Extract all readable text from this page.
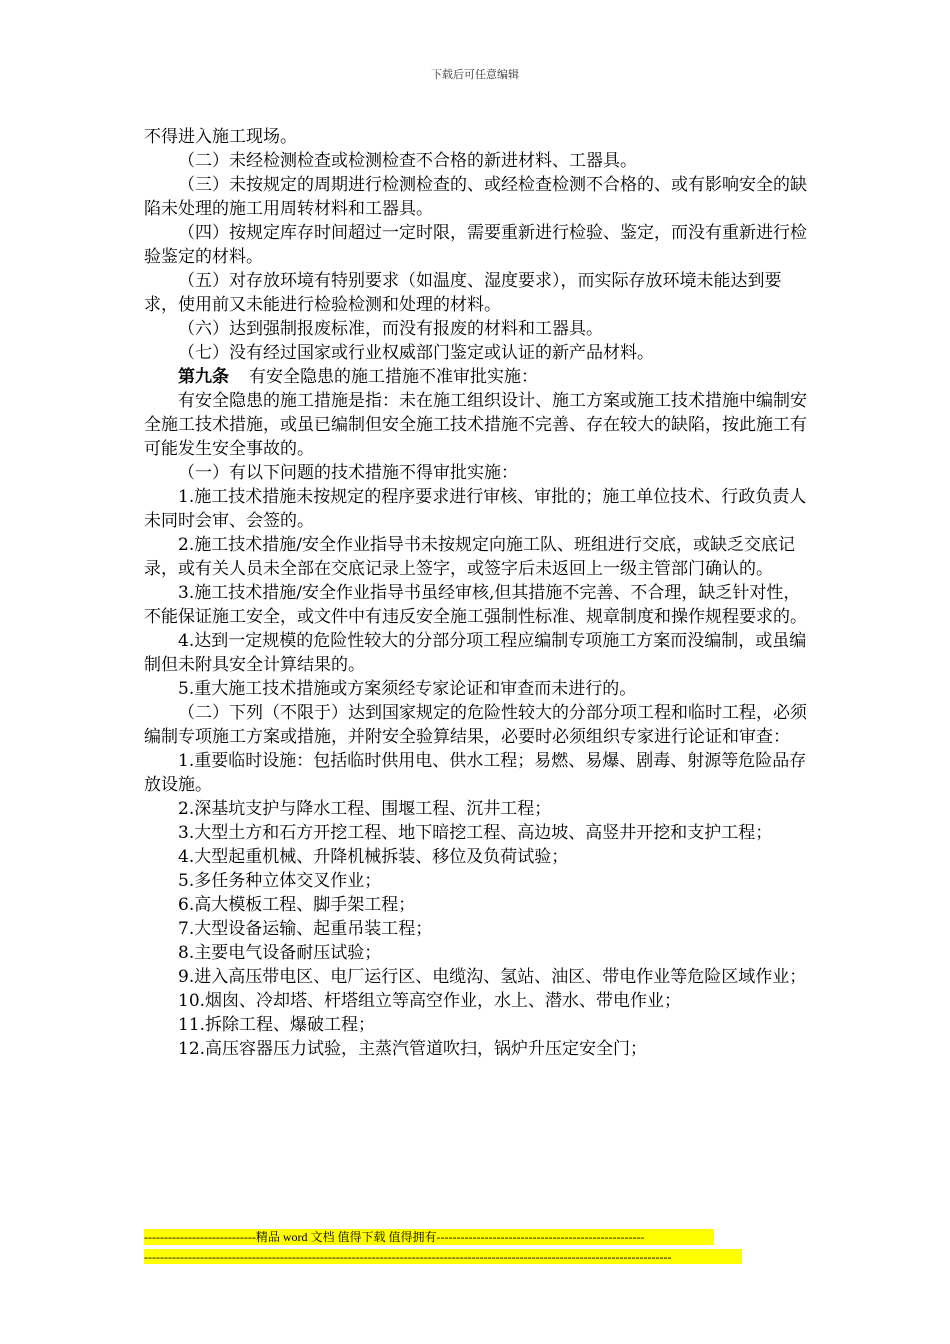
下载后可任意编辑

不得进入施工现场。

（二）未经检测检查或检测检查不合格的新进材料、工器具。

（三）未按规定的周期进行检测检查的、或经检查检测不合格的、或有影响安全的缺陷未处理的施工用周转材料和工器具。

（四）按规定库存时间超过一定时限，需要重新进行检验、鉴定，而没有重新进行检验鉴定的材料。

（五）对存放环境有特别要求（如温度、湿度要求），而实际存放环境未能达到要求，使用前又未能进行检验检测和处理的材料。

（六）达到强制报废标准，而没有报废的材料和工器具。

（七）没有经过国家或行业权威部门鉴定或认证的新产品材料。

第九条 有安全隐患的施工措施不准审批实施：

有安全隐患的施工措施是指：未在施工组织设计、施工方案或施工技术措施中编制安全施工技术措施，或虽已编制但安全施工技术措施不完善、存在较大的缺陷，按此施工有可能发生安全事故的。

（一）有以下问题的技术措施不得审批实施：

1.施工技术措施未按规定的程序要求进行审核、审批的；施工单位技术、行政负责人未同时会审、会签的。

2.施工技术措施/安全作业指导书未按规定向施工队、班组进行交底，或缺乏交底记录，或有关人员未全部在交底记录上签字，或签字后未返回上一级主管部门确认的。

3.施工技术措施/安全作业指导书虽经审核,但其措施不完善、不合理，缺乏针对性，不能保证施工安全，或文件中有违反安全施工强制性标准、规章制度和操作规程要求的。

4.达到一定规模的危险性较大的分部分项工程应编制专项施工方案而没编制，或虽编制但未附具安全计算结果的。

5.重大施工技术措施或方案须经专家论证和审查而未进行的。

（二）下列（不限于）达到国家规定的危险性较大的分部分项工程和临时工程，必须编制专项施工方案或措施，并附安全验算结果，必要时必须组织专家进行论证和审查：

1.重要临时设施：包括临时供用电、供水工程；易燃、易爆、剧毒、射源等危险品存放设施。

2.深基坑支护与降水工程、围堰工程、沉井工程；

3.大型土方和石方开挖工程、地下暗挖工程、高边坡、高竖井开挖和支护工程；

4.大型起重机械、升降机械拆装、移位及负荷试验；

5.多任务种立体交叉作业；

6.高大模板工程、脚手架工程；

7.大型设备运输、起重吊装工程；

8.主要电气设备耐压试验；

9.进入高压带电区、电厂运行区、电缆沟、氢站、油区、带电作业等危险区域作业；

10.烟囱、冷却塔、杆塔组立等高空作业，水上、潜水、带电作业；

11.拆除工程、爆破工程；

12.高压容器压力试验，主蒸汽管道吹扫，锅炉升压定安全门；

----------------------------精品 word 文档 值得下载 值得拥有----------------------------------------------------
------------------------------------------------------------------------------------------------------------------------------------
